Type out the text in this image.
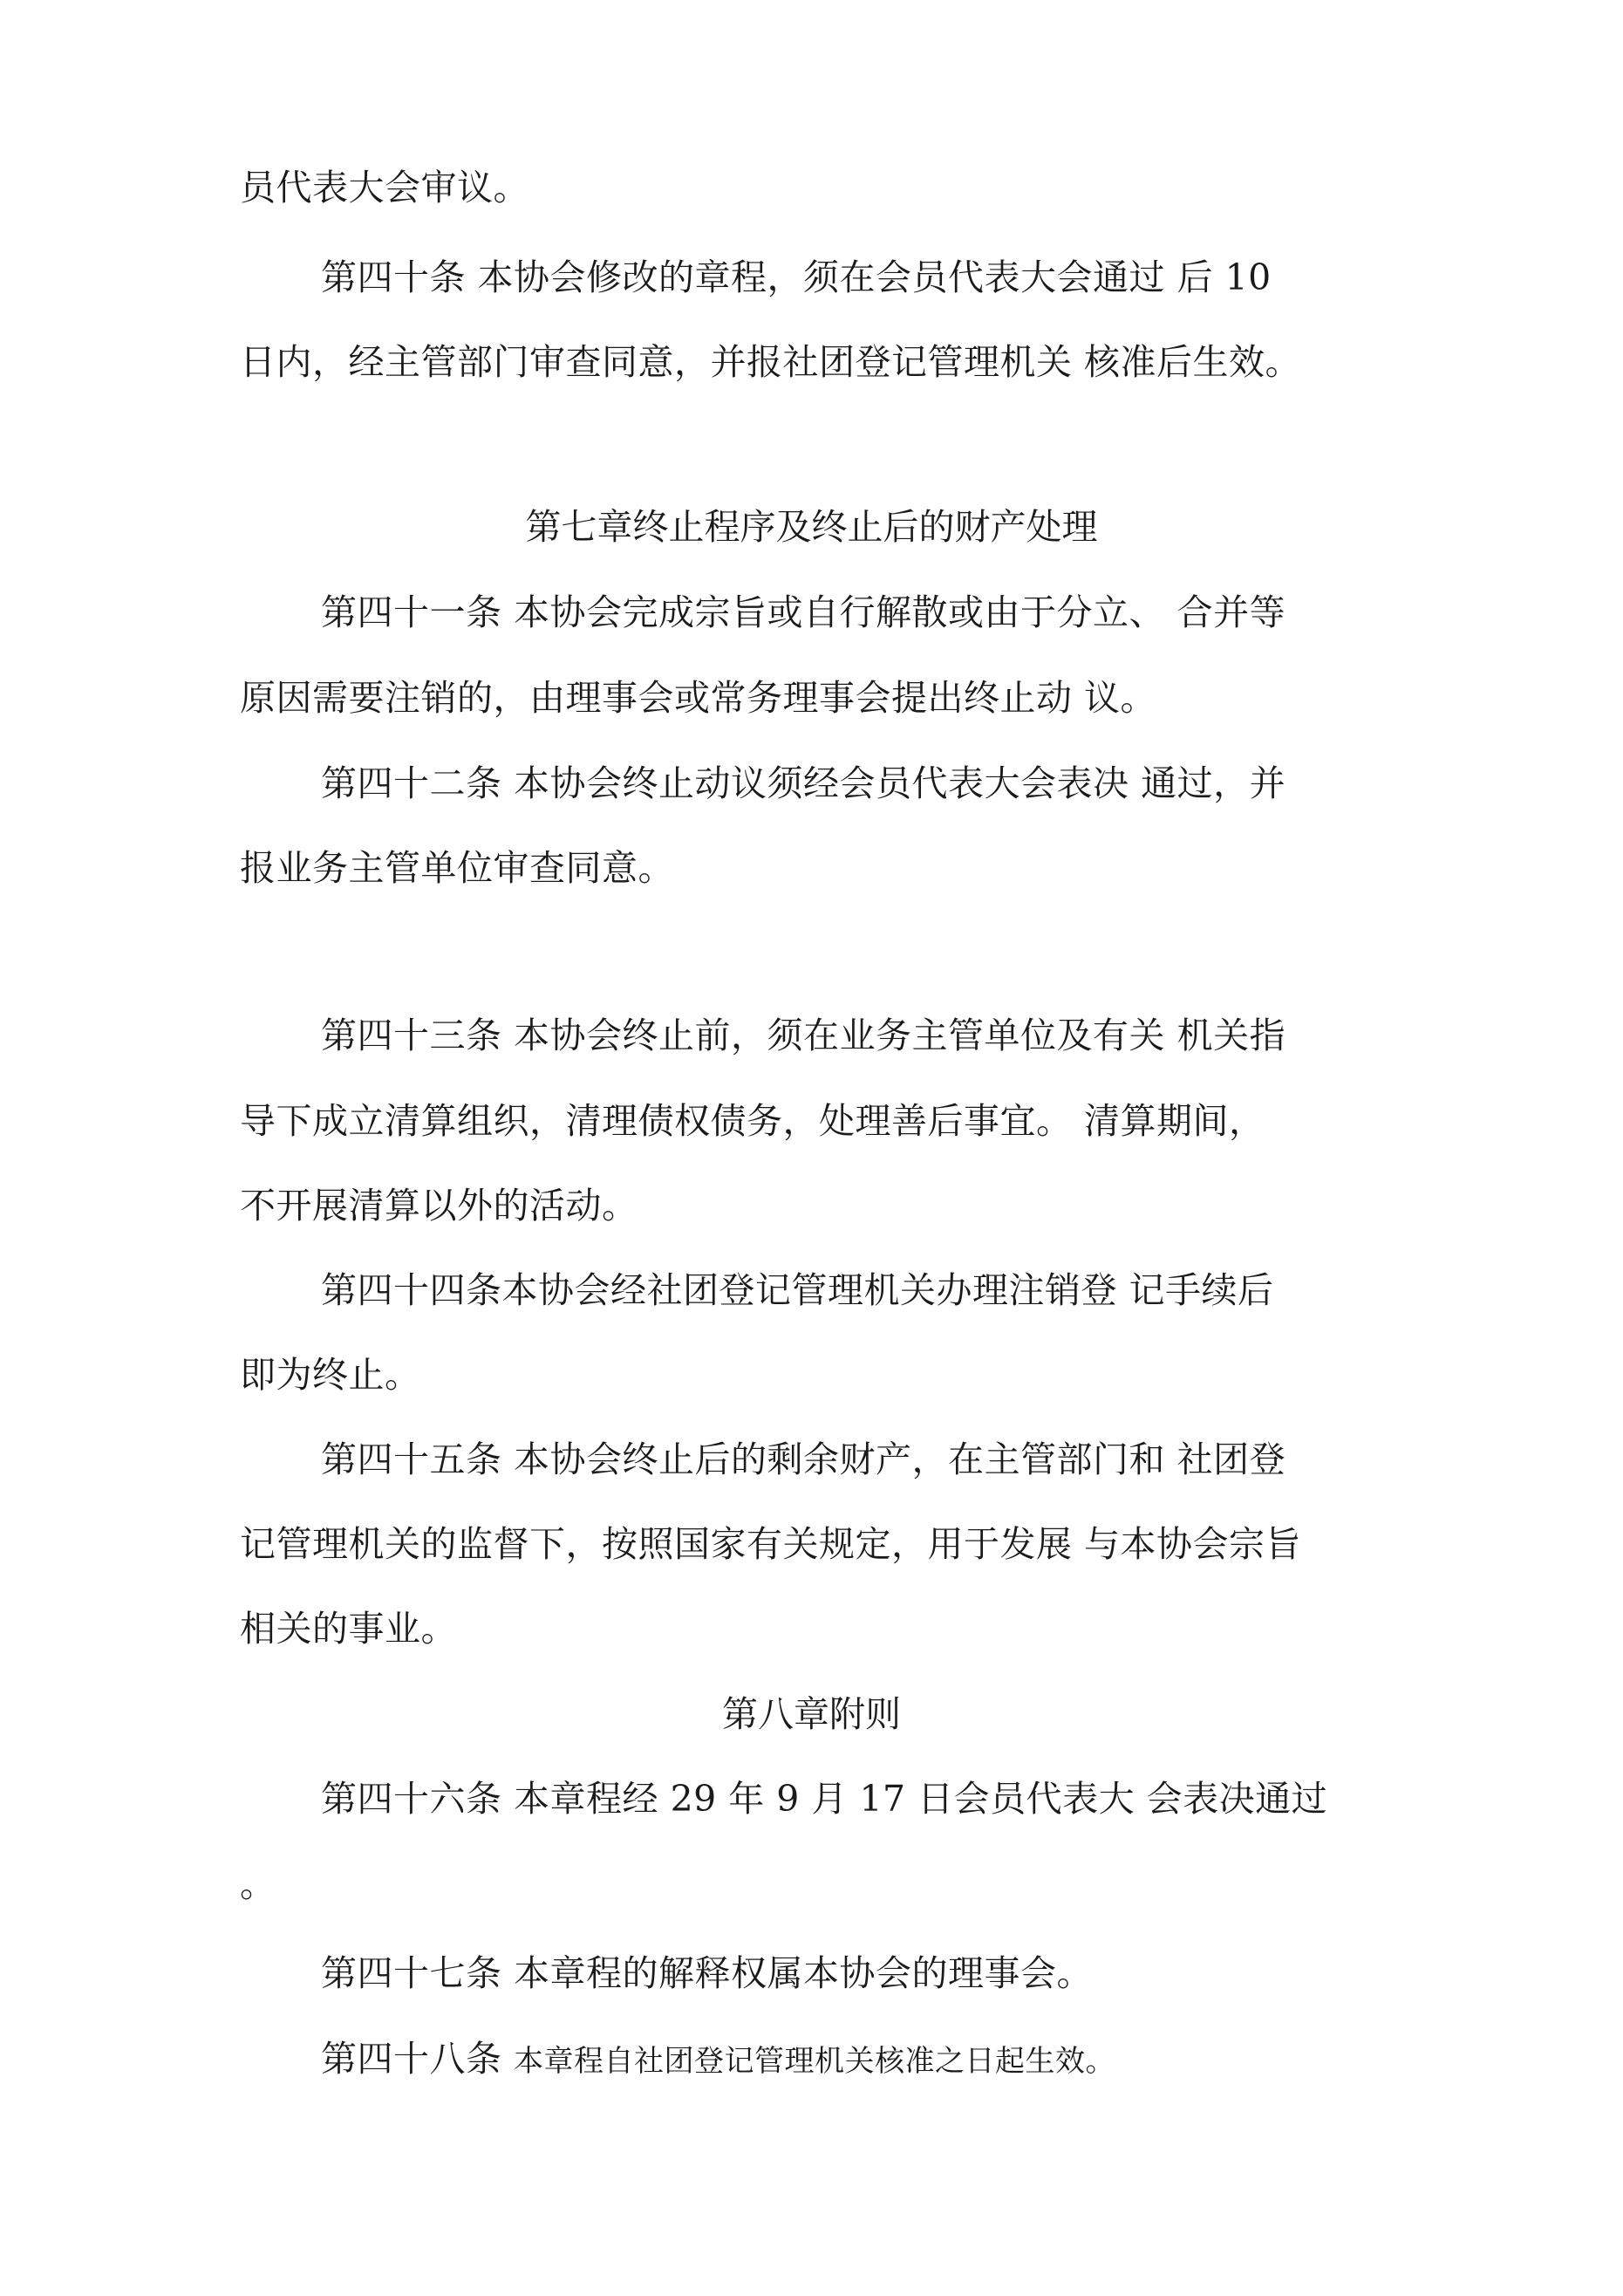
员代表大会审议。
第四十条 本协会修改的章程，须在会员代表大会通过 后 10
日内，经主管部门审查同意，并报社团登记管理机关 核准后生效。
第七章终止程序及终止后的财产处理
第四十一条 本协会完成宗旨或自行解散或由于分立、 合并等
原因需要注销的，由理事会或常务理事会提出终止动 议。
第四十二条 本协会终止动议须经会员代表大会表决 通过，并
报业务主管单位审查同意。
第四十三条 本协会终止前，须在业务主管单位及有关 机关指
导下成立清算组织，清理债权债务，处理善后事宜。 清算期间，
不开展清算以外的活动。
第四十四条本协会经社团登记管理机关办理注销登 记手续后
即为终止。
第四十五条 本协会终止后的剩余财产，在主管部门和 社团登
记管理机关的监督下，按照国家有关规定，用于发展 与本协会宗旨
相关的事业。
第八章附则
第四十六条 本章程经 29 年 9 月 17 日会员代表大 会表决通过
。
第四十七条 本章程的解释权属本协会的理事会。
第四十八条 本章程自社团登记管理机关核准之日起生效。
